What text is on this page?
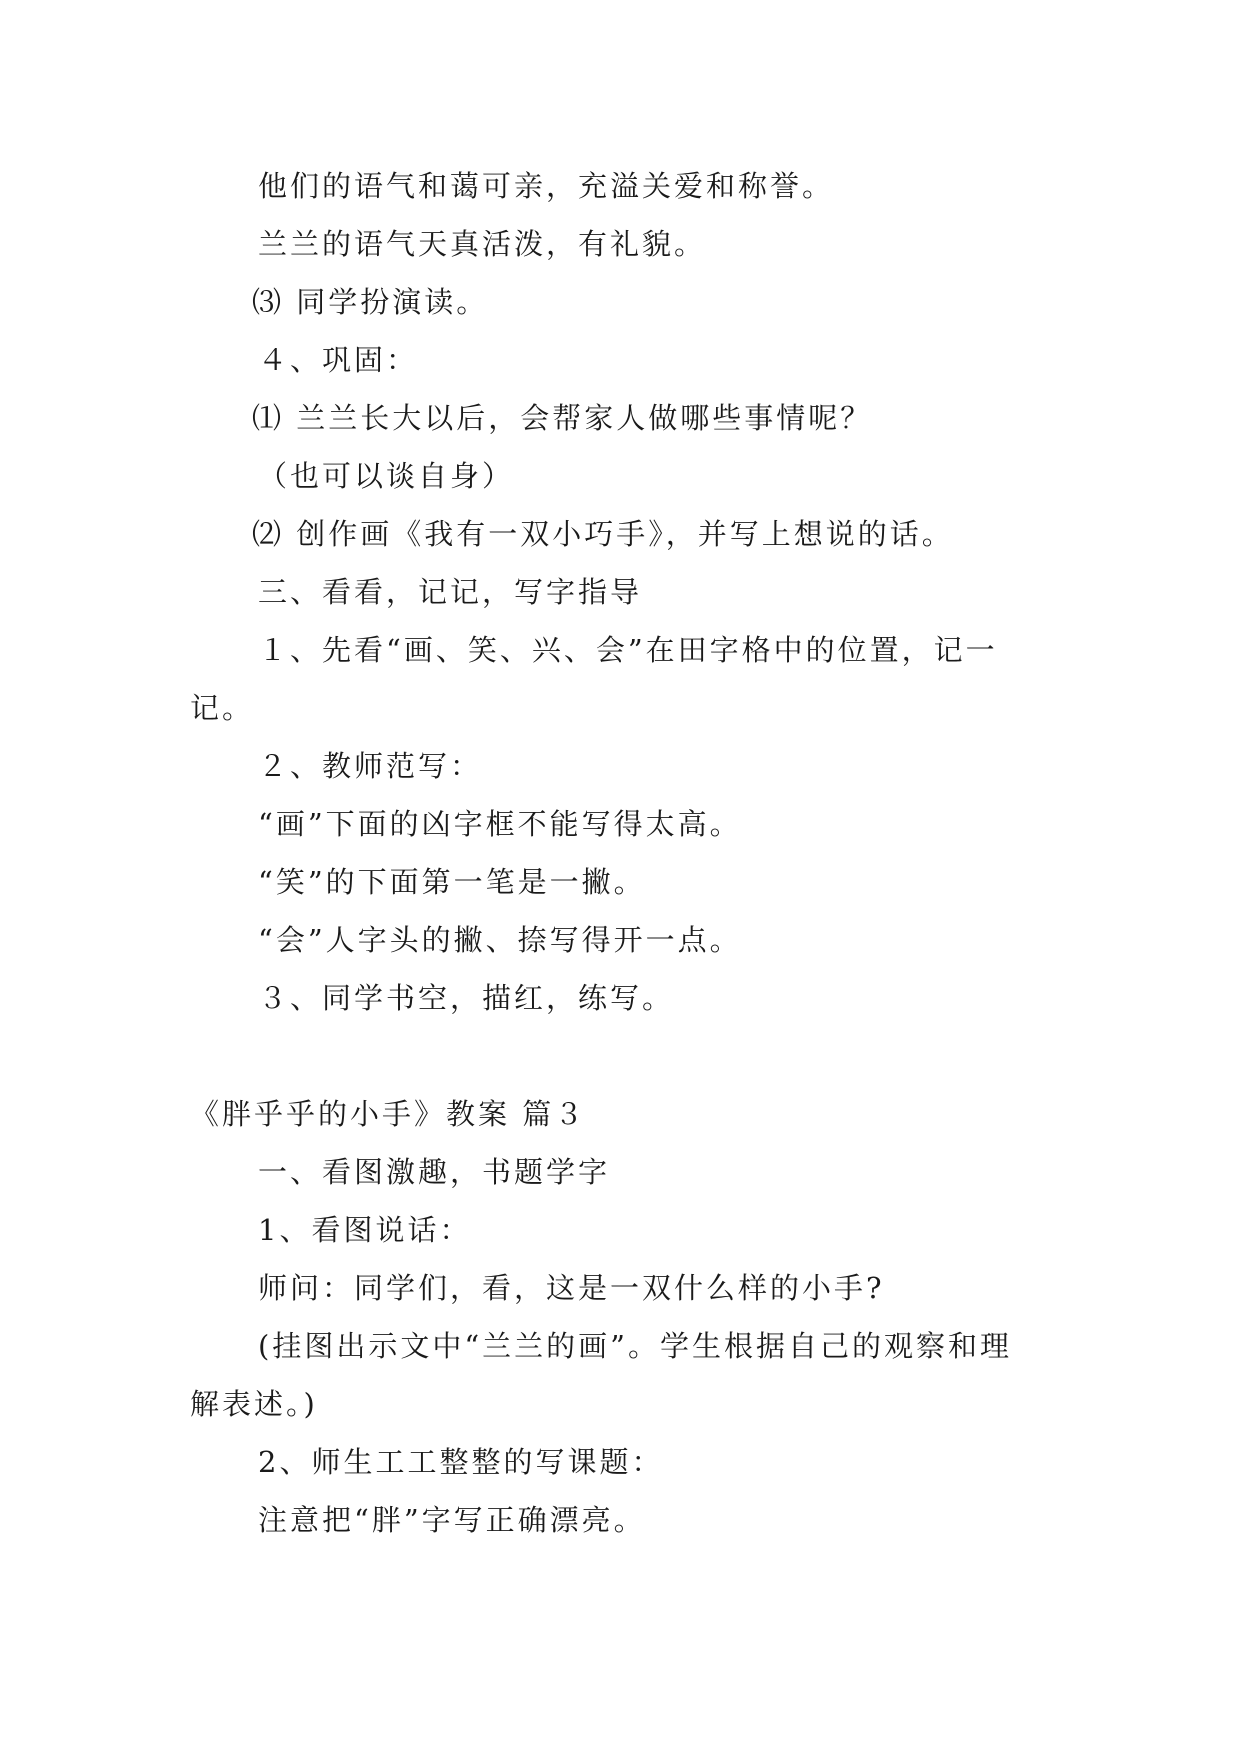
他们的语气和蔼可亲，充溢关爱和称誉。
兰兰的语气天真活泼，有礼貌。
⑶ 同学扮演读。
４、巩固：
⑴ 兰兰长大以后，会帮家人做哪些事情呢？
（也可以谈自身）
⑵ 创作画《我有一双小巧手》，并写上想说的话。
三、看看，记记，写字指导
１、先看“画、笑、兴、会”在田字格中的位置，记一
记。
２、教师范写：
“画”下面的凶字框不能写得太高。
“笑”的下面第一笔是一撇。
“会”人字头的撇、捺写得开一点。
３、同学书空，描红，练写。
《胖乎乎的小手》教案 篇３
一、看图激趣，书题学字
1、看图说话：
师问：同学们，看，这是一双什么样的小手?
(挂图出示文中“兰兰的画”。学生根据自己的观察和理
解表述。)
2、师生工工整整的写课题：
注意把“胖”字写正确漂亮。
